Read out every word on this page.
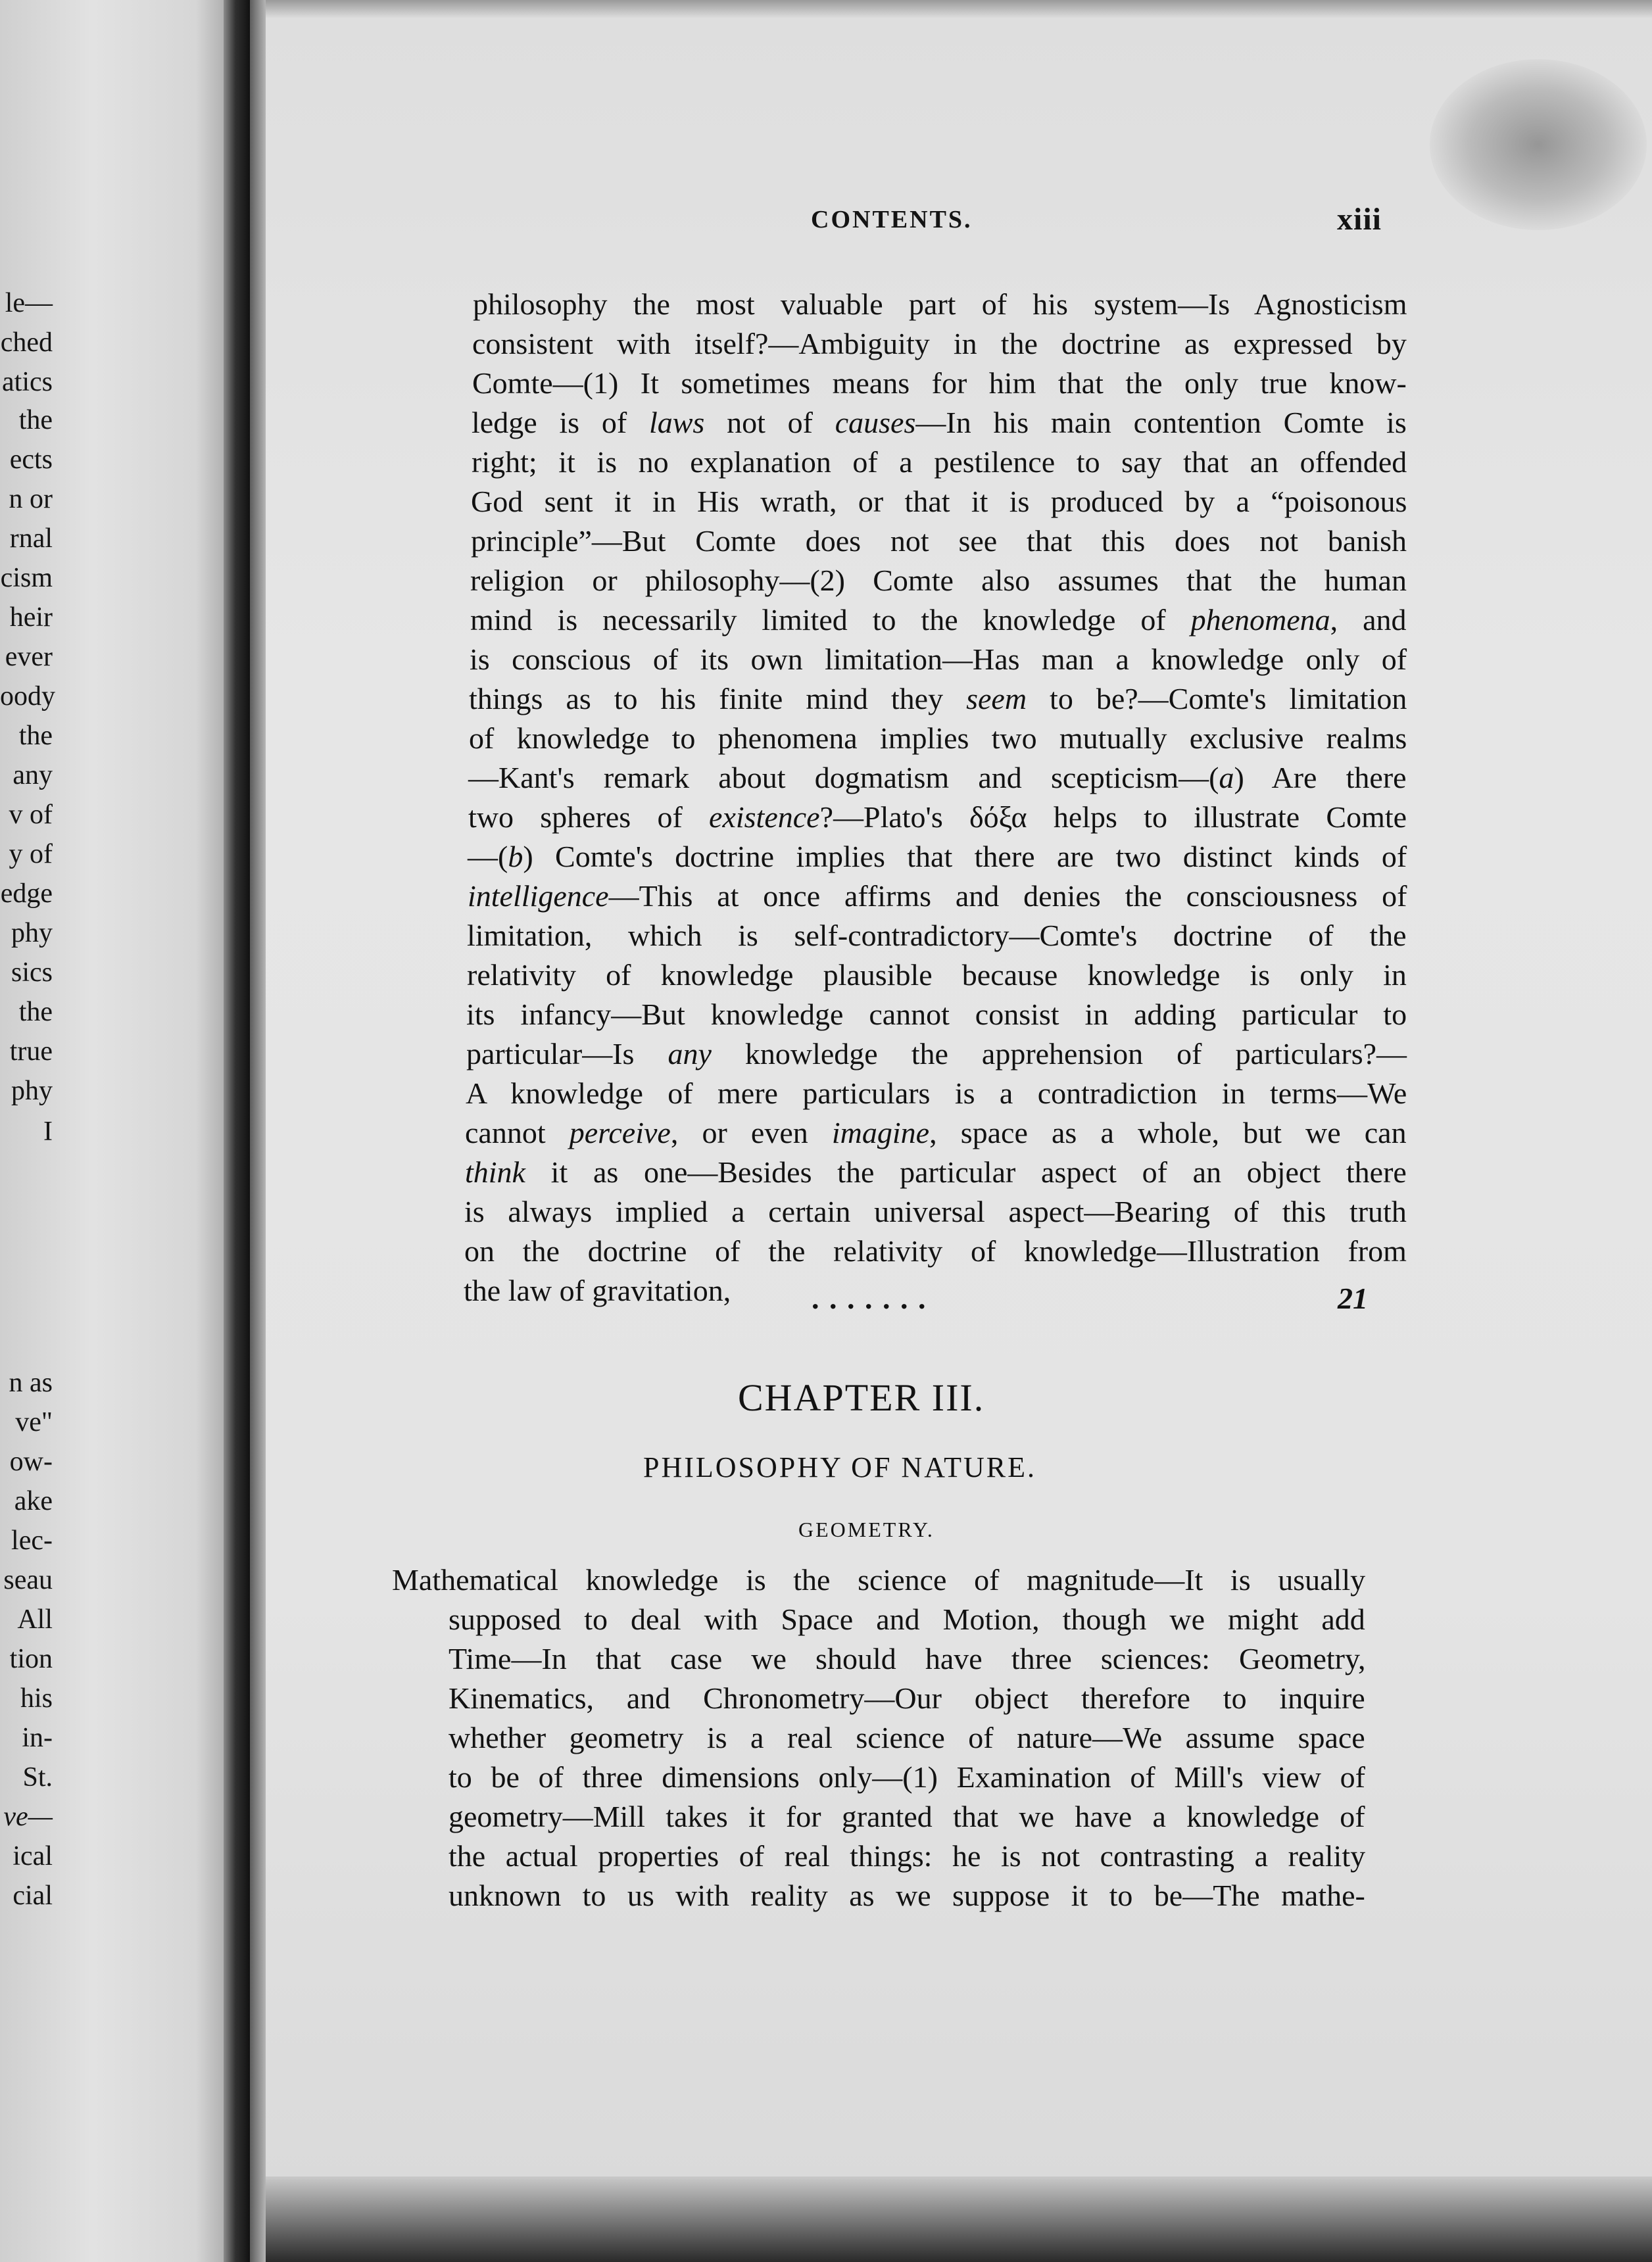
le—
ched
atics
the
ects
n or
rnal
cism
heir
ever
oody
the
any
v of
y of
edge
phy
sics
the
true
phy
I
n as
ve"
ow-
ake
lec-
seau
All
tion
his
in-
St.
ve—
ical
cial
CONTENTS.	xiii
philosophy the most valuable part of his system—Is Agnosticism
consistent with itself?—Ambiguity in the doctrine as expressed by
Comte—(1) It sometimes means for him that the only true know-
ledge is of laws not of causes—In his main contention Comte is
right; it is no explanation of a pestilence to say that an offended
God sent it in His wrath, or that it is produced by a “poisonous
principle”—But Comte does not see that this does not banish
religion or philosophy—(2) Comte also assumes that the human
mind is necessarily limited to the knowledge of phenomena, and
is conscious of its own limitation—Has man a knowledge only of
things as to his finite mind they seem to be?—Comte's limitation
of knowledge to phenomena implies two mutually exclusive realms
—Kant's remark about dogmatism and scepticism—(a) Are there
two spheres of existence?—Plato's δόξα helps to illustrate Comte
—(b) Comte's doctrine implies that there are two distinct kinds of
intelligence—This at once affirms and denies the consciousness of
limitation, which is self-contradictory—Comte's doctrine of the
relativity of knowledge plausible because knowledge is only in
its infancy—But knowledge cannot consist in adding particular to
particular—Is any knowledge the apprehension of particulars?—
A knowledge of mere particulars is a contradiction in terms—We
cannot perceive, or even imagine, space as a whole, but we can
think it as one—Besides the particular aspect of an object there
is always implied a certain universal aspect—Bearing of this truth
on the doctrine of the relativity of knowledge—Illustration from
the law of gravitation,	. . . . . . .	21
CHAPTER III.
PHILOSOPHY OF NATURE.
GEOMETRY.
Mathematical knowledge is the science of magnitude—It is usually
supposed to deal with Space and Motion, though we might add
Time—In that case we should have three sciences: Geometry,
Kinematics, and Chronometry—Our object therefore to inquire
whether geometry is a real science of nature—We assume space
to be of three dimensions only—(1) Examination of Mill's view of
geometry—Mill takes it for granted that we have a knowledge of
the actual properties of real things: he is not contrasting a reality
unknown to us with reality as we suppose it to be—The mathe-
